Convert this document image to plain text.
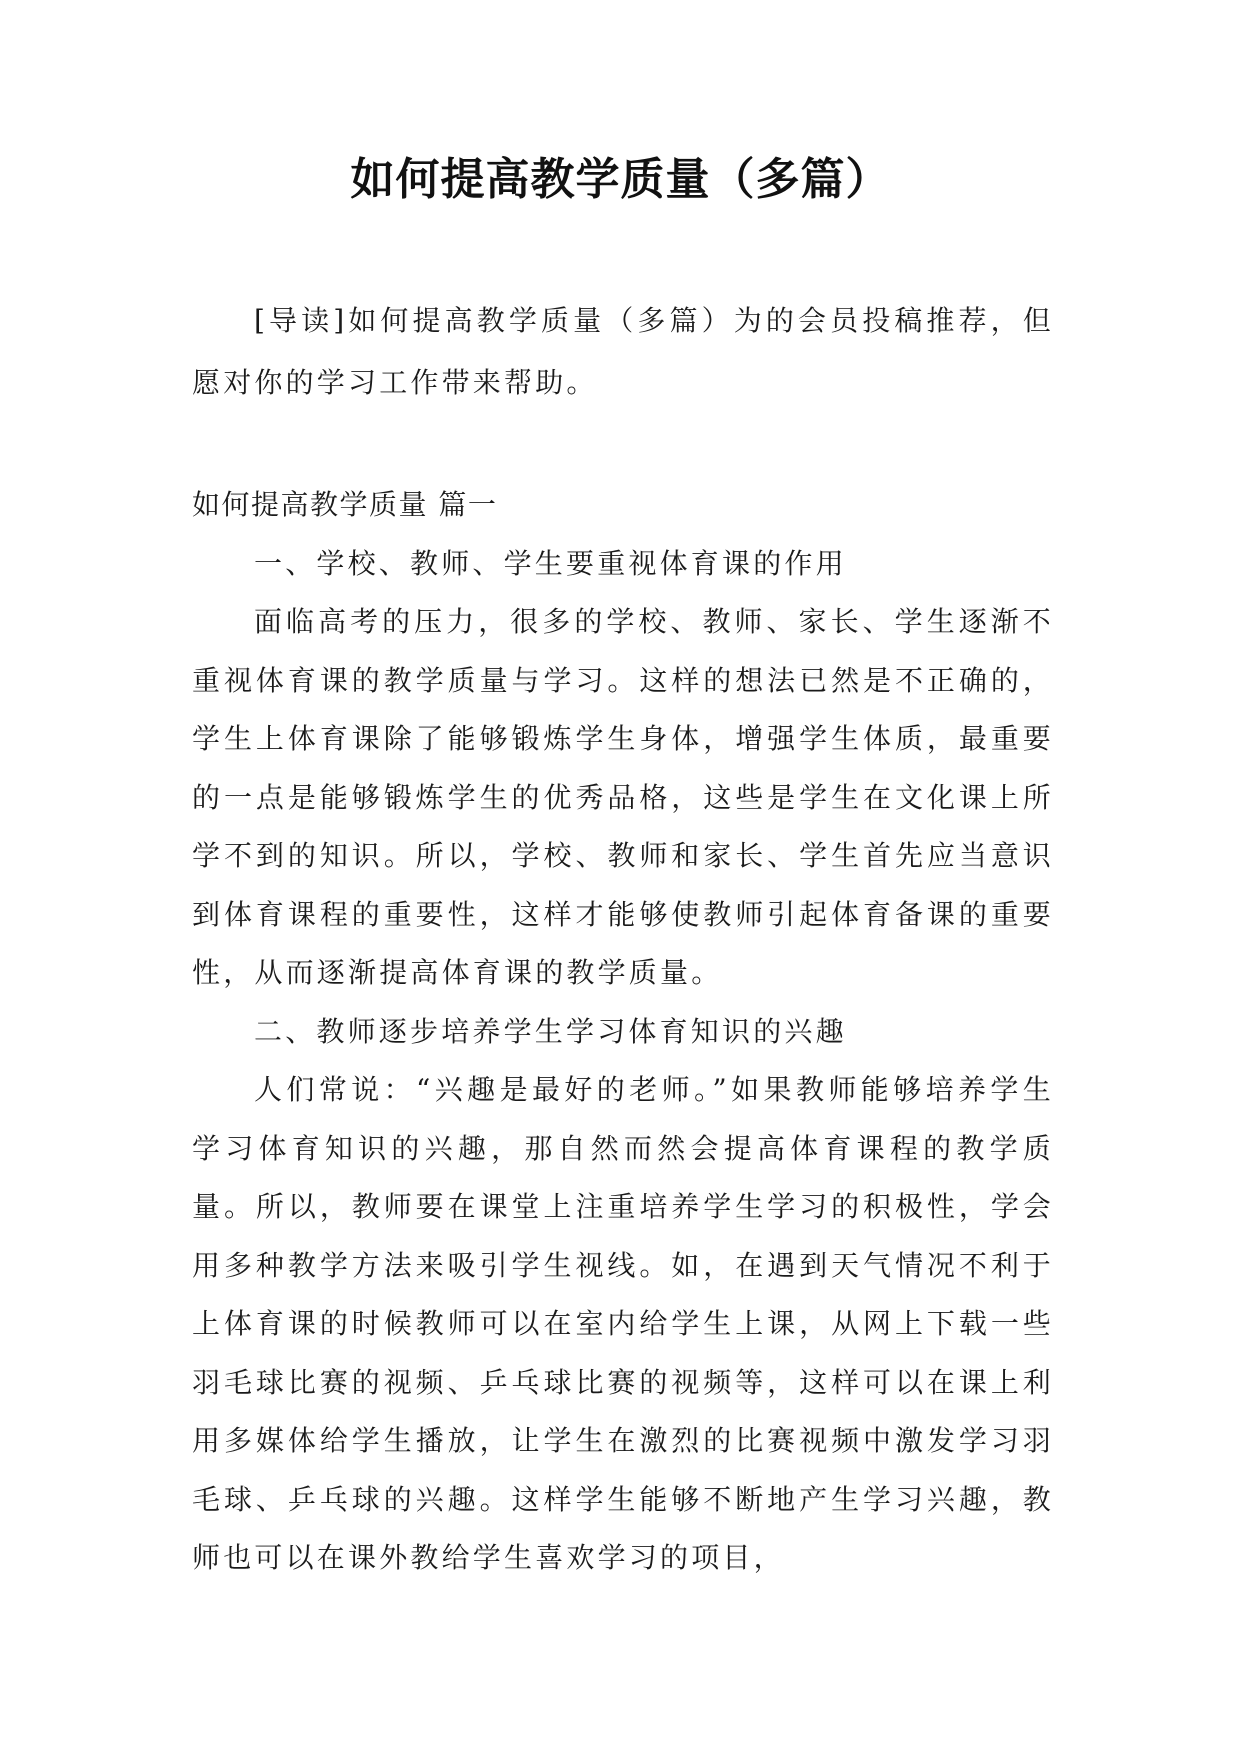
如何提高教学质量（多篇）

[导读]如何提高教学质量（多篇）为的会员投稿推荐，但愿对你的学习工作带来帮助。

如何提高教学质量 篇一

一、学校、教师、学生要重视体育课的作用

面临高考的压力，很多的学校、教师、家长、学生逐渐不重视体育课的教学质量与学习。这样的想法已然是不正确的，学生上体育课除了能够锻炼学生身体，增强学生体质，最重要的一点是能够锻炼学生的优秀品格，这些是学生在文化课上所学不到的知识。所以，学校、教师和家长、学生首先应当意识到体育课程的重要性，这样才能够使教师引起体育备课的重要性，从而逐渐提高体育课的教学质量。

二、教师逐步培养学生学习体育知识的兴趣

人们常说：“兴趣是最好的老师。”如果教师能够培养学生学习体育知识的兴趣，那自然而然会提高体育课程的教学质量。所以，教师要在课堂上注重培养学生学习的积极性，学会用多种教学方法来吸引学生视线。如，在遇到天气情况不利于上体育课的时候教师可以在室内给学生上课，从网上下载一些羽毛球比赛的视频、乒乓球比赛的视频等，这样可以在课上利用多媒体给学生播放，让学生在激烈的比赛视频中激发学习羽毛球、乒乓球的兴趣。这样学生能够不断地产生学习兴趣，教师也可以在课外教给学生喜欢学习的项目，
